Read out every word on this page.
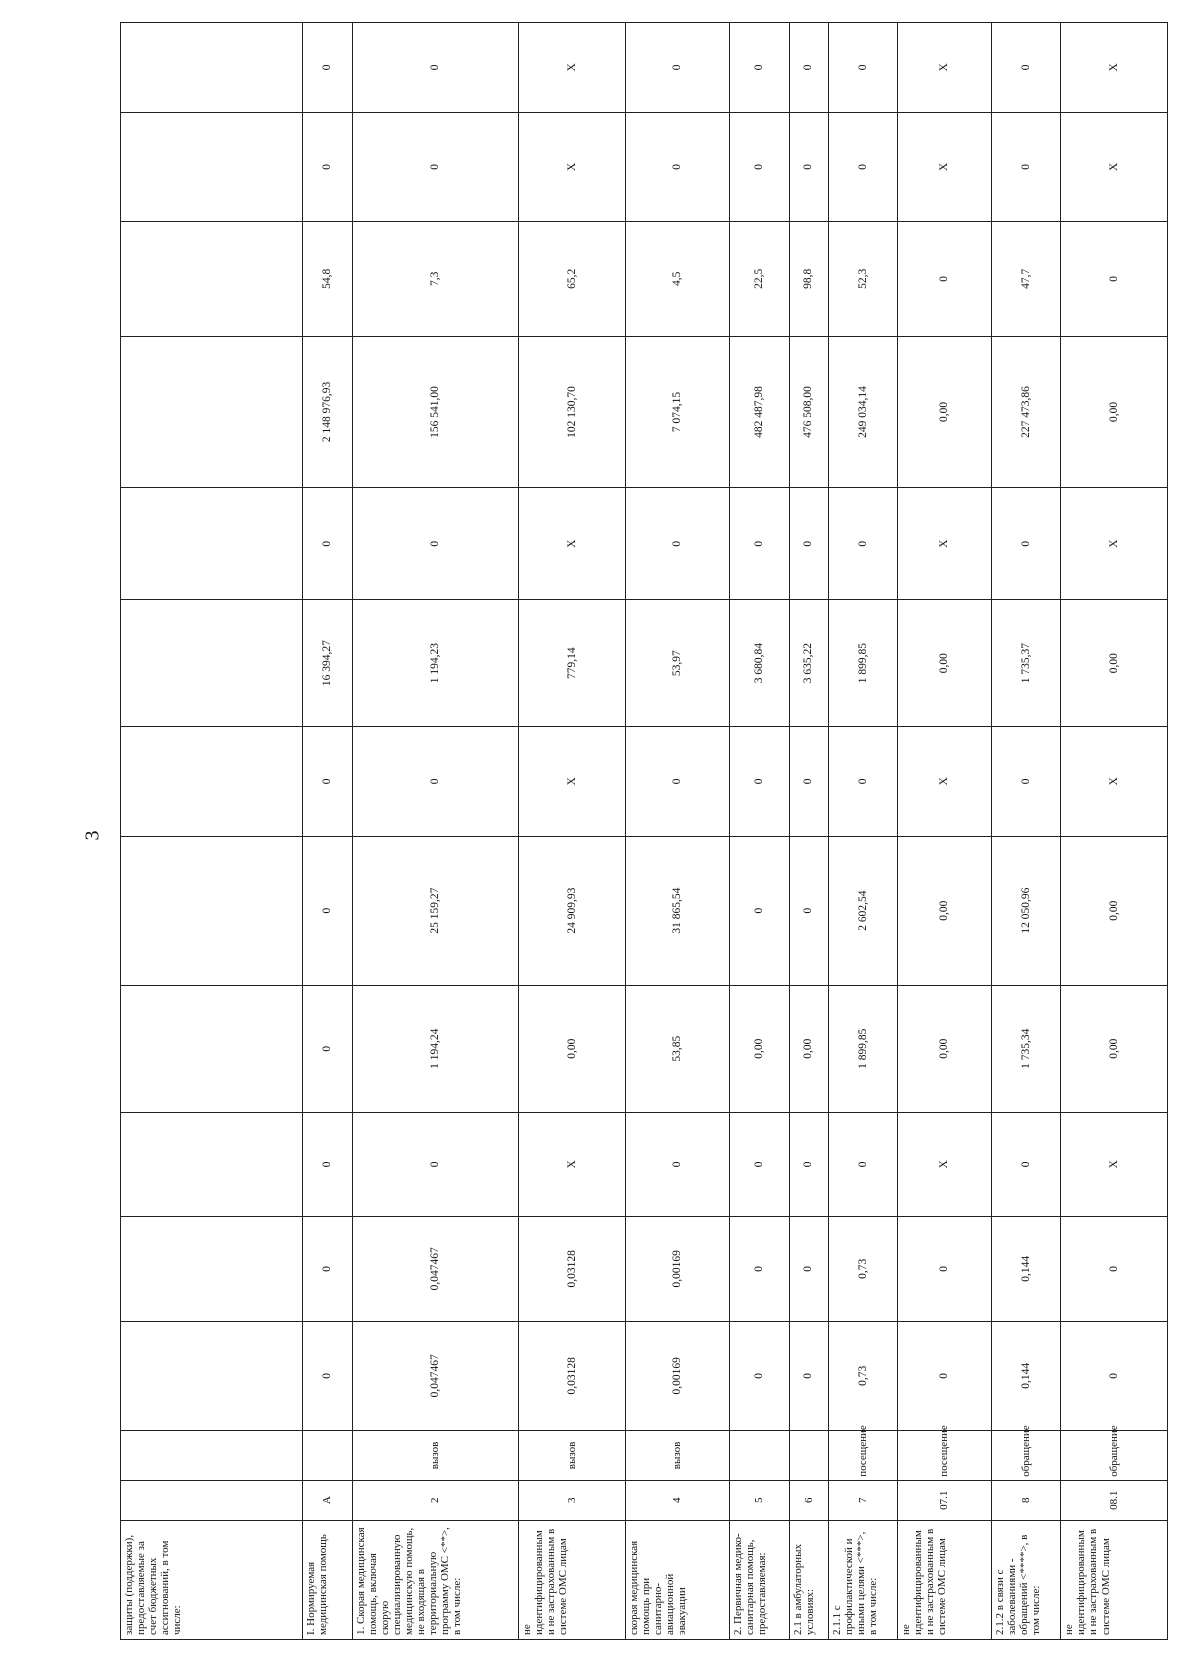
3
защиты (поддержки), предоставляемые за счет бюджетных ассигнований, в том числе:														
I. Нормируемая медицинская помощь	А		0	0	0	0	0	0	16 394,27	0	2 148 976,93	54,8	0	0
1. Скорая медицинская помощь, включая скорую специализированную медицинскую помощь, не входящая в территориальную программу ОМС <**>, в том числе:	2	вызов	0,047467	0,047467	0	1 194,24	25 159,27	0	1 194,23	0	156 541,00	7,3	0	0
не идентифицированным и не застрахованным в системе ОМС лицам	3	вызов	0,03128	0,03128	X	0,00	24 909,93	X	779,14	X	102 130,70	65,2	X	X
скорая медицинская помощь при санитарно-авиационной эвакуации	4	вызов	0,00169	0,00169	0	53,85	31 865,54	0	53,97	0	7 074,15	4,5	0	0
2. Первичная медико-санитарная помощь, предоставляемая:	5		0	0	0	0,00	0	0	3 680,84	0	482 487,98	22,5	0	0
2.1 в амбулаторных условиях:	6		0	0	0	0,00	0	0	3 635,22	0	476 508,00	98,8	0	0
2.1.1 с профилактической и иными целями <***>, в том числе:	7	посещение	0,73	0,73	0	1 899,85	2 602,54	0	1 899,85	0	249 034,14	52,3	0	0
не идентифицированным и не застрахованным в системе ОМС лицам	07.1	посещение	0	0	X	0,00	0,00	X	0,00	X	0,00	0	X	X
2.1.2 в связи с заболеваниями - обращений <****>, в том числе:	8	обращение	0,144	0,144	0	1 735,34	12 050,96	0	1 735,37	0	227 473,86	47,7	0	0
не идентифицированным и не застрахованным в системе ОМС лицам	08.1	обращение	0	0	X	0,00	0,00	X	0,00	X	0,00	0	X	X
